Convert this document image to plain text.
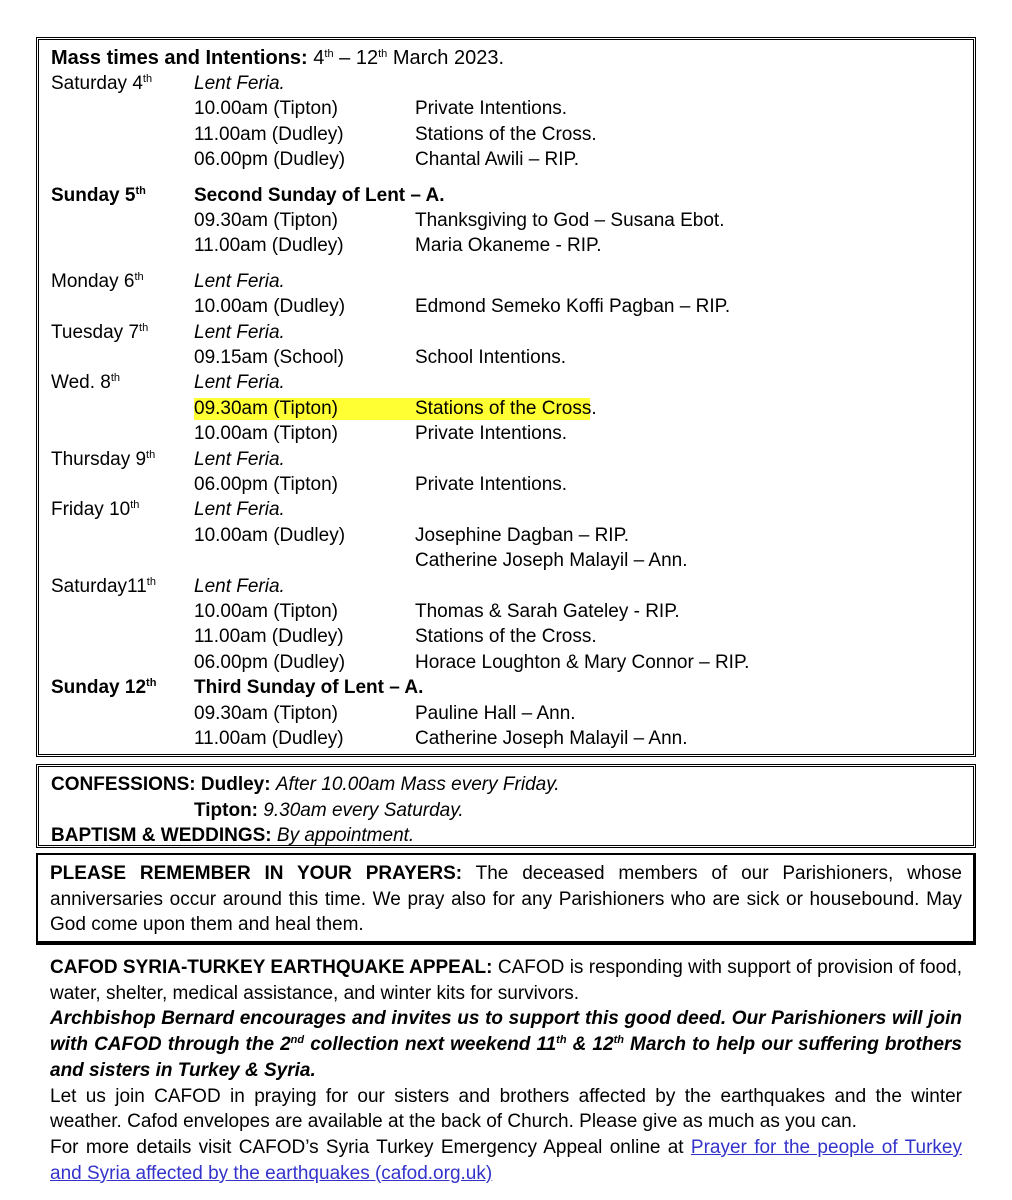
Mass times and Intentions: 4th – 12th March 2023.
Saturday 4th Lent Feria.
10.00am (Tipton)	Private Intentions.
11.00am (Dudley)	Stations of the Cross.
06.00pm (Dudley)	Chantal Awili – RIP.
Sunday 5th	Second Sunday of Lent – A.
09.30am (Tipton)	Thanksgiving to God – Susana Ebot.
11.00am (Dudley)	Maria Okaneme - RIP.
Monday 6th	Lent Feria.
10.00am (Dudley)	Edmond Semeko Koffi Pagban – RIP.
Tuesday 7th Lent Feria.
09.15am (School)	School Intentions.
Wed. 8th	Lent Feria.
09.30am (Tipton)	Stations of the Cross.
10.00am (Tipton)	Private Intentions.
Thursday 9th Lent Feria.
06.00pm (Tipton)	Private Intentions.
Friday 10th	Lent Feria.
10.00am (Dudley)	Josephine Dagban – RIP.
Catherine Joseph Malayil – Ann.
Saturday11th Lent Feria.
10.00am (Tipton)	Thomas & Sarah Gateley - RIP.
11.00am (Dudley)	Stations of the Cross.
06.00pm (Dudley)	Horace Loughton & Mary Connor – RIP.
Sunday 12th Third Sunday of Lent – A.
09.30am (Tipton)	Pauline Hall – Ann.
11.00am (Dudley)	Catherine Joseph Malayil – Ann.
CONFESSIONS: Dudley: After 10.00am Mass every Friday.
Tipton: 9.30am every Saturday.
BAPTISM & WEDDINGS: By appointment.
PLEASE REMEMBER IN YOUR PRAYERS: The deceased members of our Parishioners, whose anniversaries occur around this time. We pray also for any Parishioners who are sick or housebound. May God come upon them and heal them.
CAFOD SYRIA-TURKEY EARTHQUAKE APPEAL: CAFOD is responding with support of provision of food, water, shelter, medical assistance, and winter kits for survivors.
Archbishop Bernard encourages and invites us to support this good deed. Our Parishioners will join with CAFOD through the 2nd collection next weekend 11th & 12th March to help our suffering brothers and sisters in Turkey & Syria.
Let us join CAFOD in praying for our sisters and brothers affected by the earthquakes and the winter weather. Cafod envelopes are available at the back of Church. Please give as much as you can.
For more details visit CAFOD’s Syria Turkey Emergency Appeal online at Prayer for the people of Turkey and Syria affected by the earthquakes (cafod.org.uk)
